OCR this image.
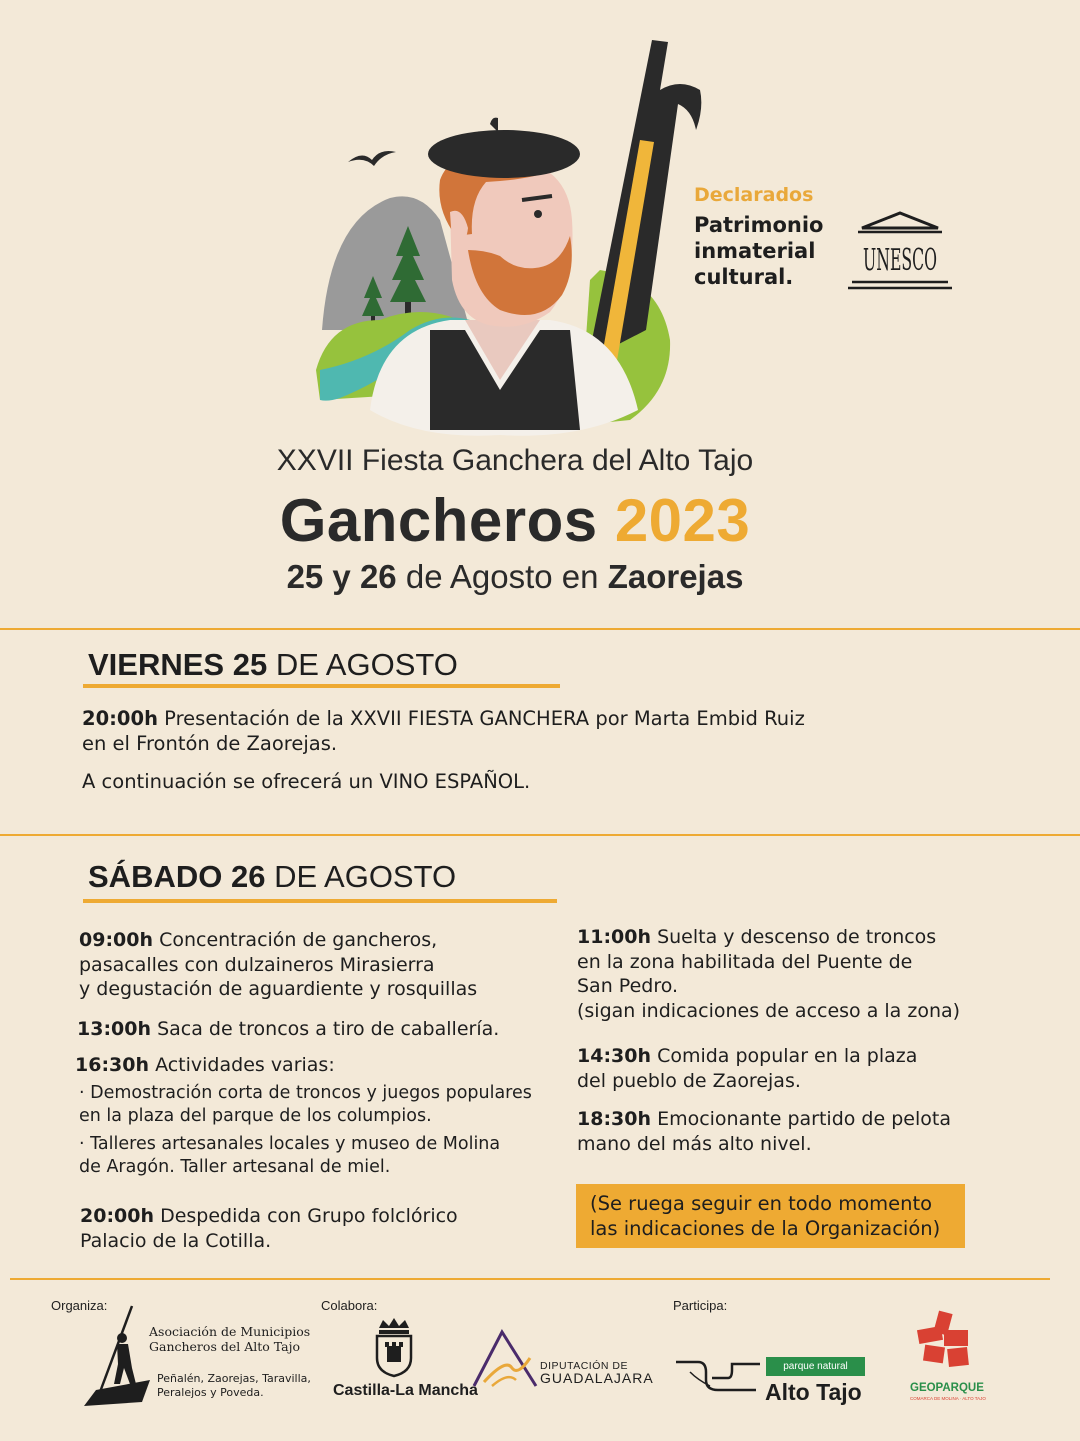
Declarados
Patrimonio
inmaterial
cultural.	UNESCO
XXVII Fiesta Ganchera del Alto Tajo
Gancheros 2023
25 y 26 de Agosto en Zaorejas
VIERNES 25 DE AGOSTO
20:00h Presentación de la XXVII FIESTA GANCHERA por Marta Embid Ruiz
en el Frontón de Zaorejas.
A continuación se ofrecerá un VINO ESPAÑOL.
SÁBADO 26 DE AGOSTO
09:00h Concentración de gancheros,
pasacalles con dulzaineros Mirasierra
y degustación de aguardiente y rosquillas
13:00h Saca de troncos a tiro de caballería.
16:30h Actividades varias:
· Demostración corta de troncos y juegos populares
en la plaza del parque de los columpios.
· Talleres artesanales locales y museo de Molina
de Aragón. Taller artesanal de miel.
20:00h Despedida con Grupo folclórico
Palacio de la Cotilla.
11:00h Suelta y descenso de troncos
en la zona habilitada del Puente de
San Pedro.
(sigan indicaciones de acceso a la zona)
14:30h Comida popular en la plaza
del pueblo de Zaorejas.
18:30h Emocionante partido de pelota
mano del más alto nivel.
(Se ruega seguir en todo momento
las indicaciones de la Organización)
Organiza:	Colabora:	Participa:
Asociación de Municipios
Gancheros del Alto Tajo
Peñalén, Zaorejas, Taravilla,
Peralejos y Poveda.	Castilla-La Mancha
DIPUTACIÓN DE
GUADALAJARA
parque natural
Alto Tajo	GEOPARQUE
COMARCA DE MOLINA · ALTO TAJO
